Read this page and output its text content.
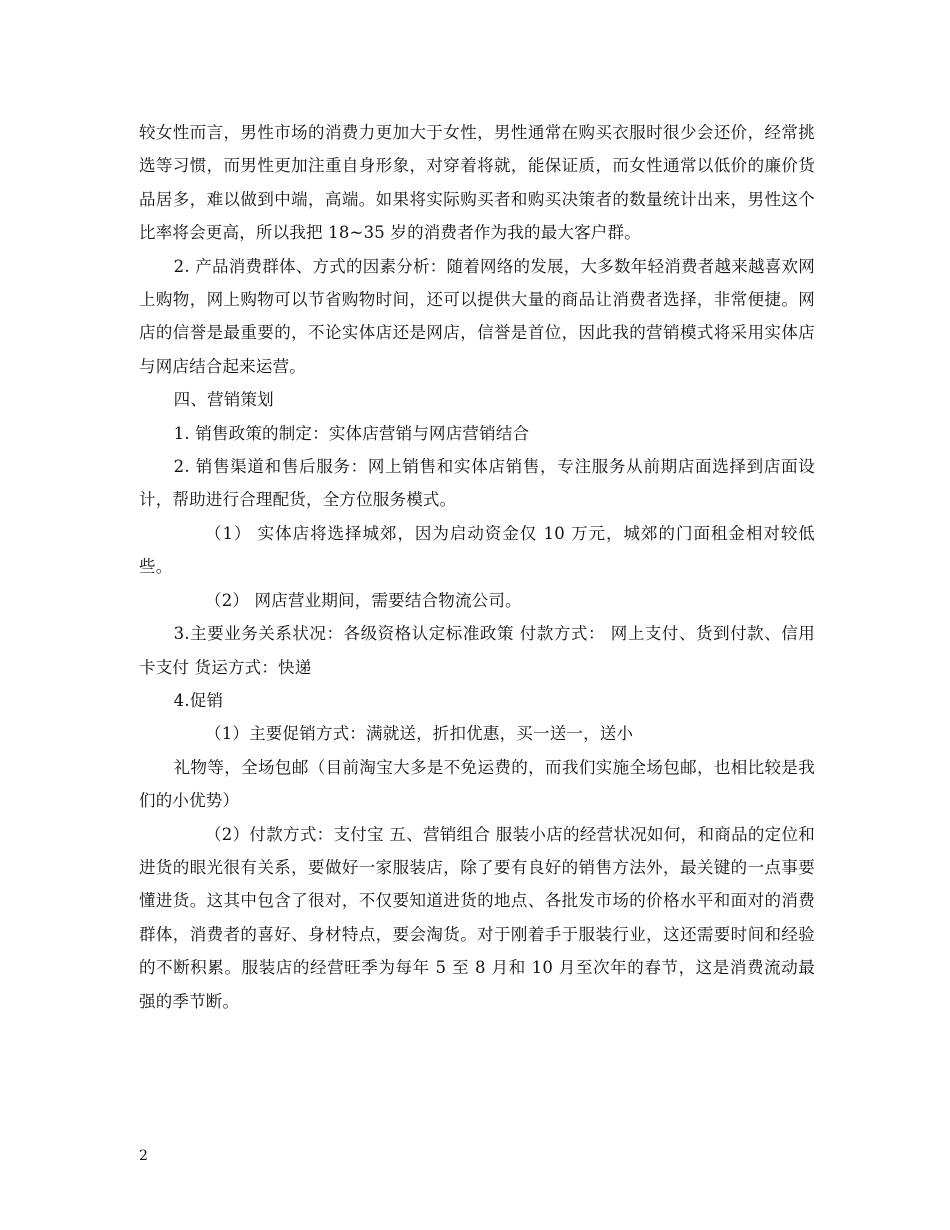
较女性而言，男性市场的消费力更加大于女性，男性通常在购买衣服时很少会还价，经常挑选等习惯，而男性更加注重自身形象，对穿着将就，能保证质，而女性通常以低价的廉价货品居多，难以做到中端，高端。如果将实际购买者和购买决策者的数量统计出来，男性这个比率将会更高，所以我把 18~35 岁的消费者作为我的最大客户群。

2. 产品消费群体、方式的因素分析：随着网络的发展，大多数年轻消费者越来越喜欢网上购物，网上购物可以节省购物时间，还可以提供大量的商品让消费者选择，非常便捷。网店的信誉是最重要的，不论实体店还是网店，信誉是首位，因此我的营销模式将采用实体店与网店结合起来运营。

四、营销策划

1. 销售政策的制定：实体店营销与网店营销结合

2. 销售渠道和售后服务：网上销售和实体店销售，专注服务从前期店面选择到店面设计，帮助进行合理配货，全方位服务模式。

（1） 实体店将选择城郊，因为启动资金仅 10 万元，城郊的门面租金相对较低些。

（2） 网店营业期间，需要结合物流公司。

3.主要业务关系状况：各级资格认定标准政策 付款方式： 网上支付、货到付款、信用卡支付 货运方式：快递

4.促销

（1）主要促销方式：满就送，折扣优惠，买一送一，送小

礼物等，全场包邮（目前淘宝大多是不免运费的，而我们实施全场包邮，也相比较是我们的小优势）

（2）付款方式：支付宝 五、营销组合 服装小店的经营状况如何，和商品的定位和进货的眼光很有关系，要做好一家服装店，除了要有良好的销售方法外，最关键的一点事要懂进货。这其中包含了很对，不仅要知道进货的地点、各批发市场的价格水平和面对的消费群体，消费者的喜好、身材特点，要会淘货。对于刚着手于服装行业，这还需要时间和经验的不断积累。服装店的经营旺季为每年 5 至 8 月和 10 月至次年的春节，这是消费流动最强的季节断。

2
